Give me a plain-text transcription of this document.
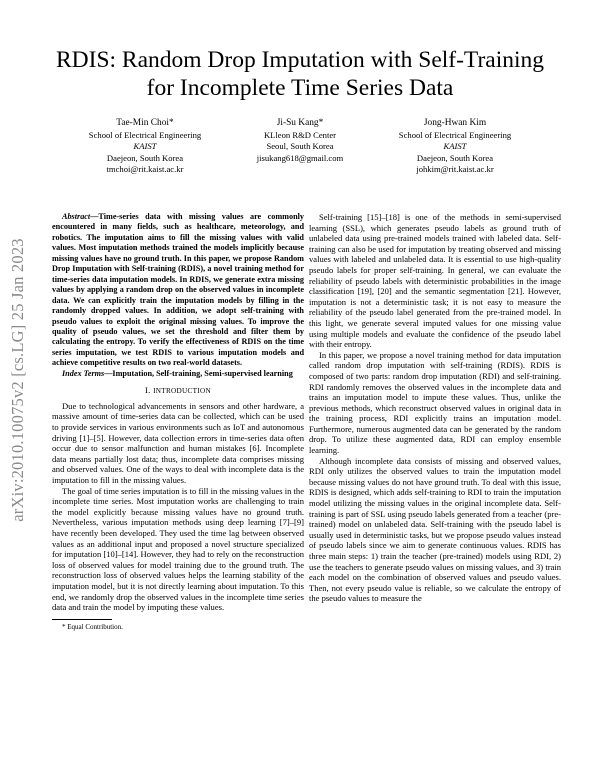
arXiv:2010.10075v2 [cs.LG] 25 Jan 2023
RDIS: Random Drop Imputation with Self-Training
for Incomplete Time Series Data
Tae-Min Choi*
School of Electrical Engineering
KAIST
Daejeon, South Korea
tmchoi@rit.kaist.ac.kr
Ji-Su Kang*
KLleon R&D Center
Seoul, South Korea
jisukang618@gmail.com
Jong-Hwan Kim
School of Electrical Engineering
KAIST
Daejeon, South Korea
johkim@rit.kaist.ac.kr

Abstract—Time-series data with missing values are commonly encountered in many fields, such as healthcare, meteorology, and robotics. The imputation aims to fill the missing values with valid values. Most imputation methods trained the models implicitly because missing values have no ground truth. In this paper, we propose Random Drop Imputation with Self-training (RDIS), a novel training method for time-series data imputation models. In RDIS, we generate extra missing values by applying a random drop on the observed values in incomplete data. We can explicitly train the imputation models by filling in the randomly dropped values. In addition, we adopt self-training with pseudo values to exploit the original missing values. To improve the quality of pseudo values, we set the threshold and filter them by calculating the entropy. To verify the effectiveness of RDIS on the time series imputation, we test RDIS to various imputation models and achieve competitive results on two real-world datasets.

Index Terms—Imputation, Self-training, Semi-supervised learning

I. INTRODUCTION

Due to technological advancements in sensors and other hardware, a massive amount of time-series data can be collected, which can be used to provide services in various environments such as IoT and autonomous driving [1]–[5]. However, data collection errors in time-series data often occur due to sensor malfunction and human mistakes [6]. Incomplete data means partially lost data; thus, incomplete data comprises missing and observed values. One of the ways to deal with incomplete data is the imputation to fill in the missing values.

The goal of time series imputation is to fill in the missing values in the incomplete time series. Most imputation works are challenging to train the model explicitly because missing values have no ground truth. Nevertheless, various imputation methods using deep learning [7]–[9] have recently been developed. They used the time lag between observed values as an additional input and proposed a novel structure specialized for imputation [10]–[14]. However, they had to rely on the reconstruction loss of observed values for model training due to the ground truth. The reconstruction loss of observed values helps the learning stability of the imputation model, but it is not directly learning about imputation. To this end, we randomly drop the observed values in the incomplete time series data and train the model by imputing these values.

* Equal Contribution.

Self-training [15]–[18] is one of the methods in semi-supervised learning (SSL), which generates pseudo labels as ground truth of unlabeled data using pre-trained models trained with labeled data. Self-training can also be used for imputation by treating observed and missing values with labeled and unlabeled data. It is essential to use high-quality pseudo labels for proper self-training. In general, we can evaluate the reliability of pseudo labels with deterministic probabilities in the image classification [19], [20] and the semantic segmentation [21]. However, imputation is not a deterministic task; it is not easy to measure the reliability of the pseudo label generated from the pre-trained model. In this light, we generate several imputed values for one missing value using multiple models and evaluate the confidence of the pseudo label with their entropy.

In this paper, we propose a novel training method for data imputation called random drop imputation with self-training (RDIS). RDIS is composed of two parts: random drop imputation (RDI) and self-training. RDI randomly removes the observed values in the incomplete data and trains an imputation model to impute these values. Thus, unlike the previous methods, which reconstruct observed values in original data in the training process, RDI explicitly trains an imputation model. Furthermore, numerous augmented data can be generated by the random drop. To utilize these augmented data, RDI can employ ensemble learning.

Although incomplete data consists of missing and observed values, RDI only utilizes the observed values to train the imputation model because missing values do not have ground truth. To deal with this issue, RDIS is designed, which adds self-training to RDI to train the imputation model utilizing the missing values in the original incomplete data. Self-training is part of SSL using pseudo labels generated from a teacher (pre-trained) model on unlabeled data. Self-training with the pseudo label is usually used in deterministic tasks, but we propose pseudo values instead of pseudo labels since we aim to generate continuous values. RDIS has three main steps: 1) train the teacher (pre-trained) models using RDI, 2) use the teachers to generate pseudo values on missing values, and 3) train each model on the combination of observed values and pseudo values. Then, not every pseudo value is reliable, so we calculate the entropy of the pseudo values to measure the
